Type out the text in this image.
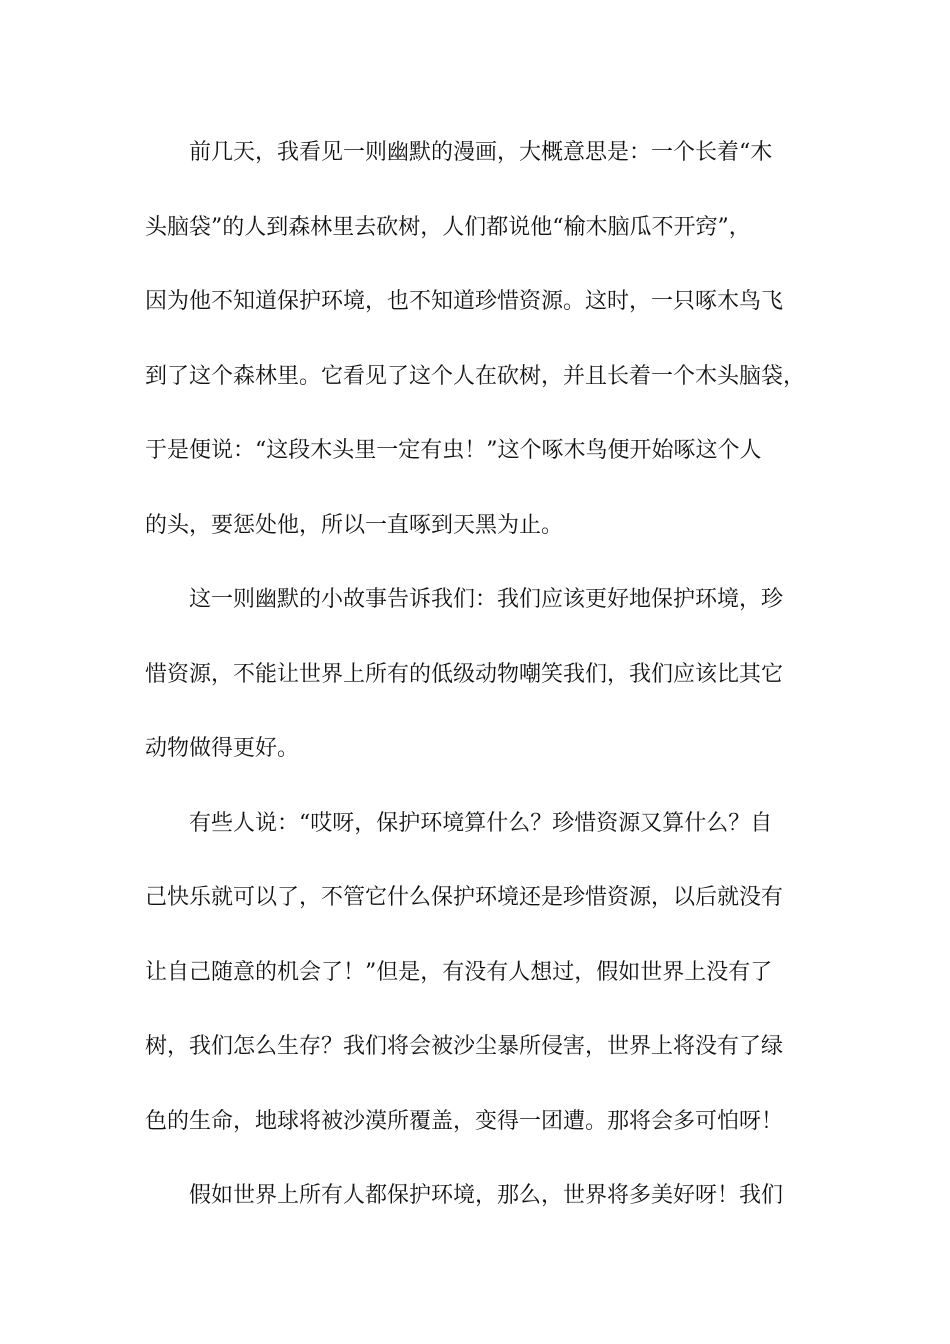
前几天，我看见一则幽默的漫画，大概意思是：一个长着“木
头脑袋”的人到森林里去砍树，人们都说他“榆木脑瓜不开窍”，
因为他不知道保护环境，也不知道珍惜资源。这时，一只啄木鸟飞
到了这个森林里。它看见了这个人在砍树，并且长着一个木头脑袋，
于是便说：“这段木头里一定有虫！”这个啄木鸟便开始啄这个人
的头，要惩处他，所以一直啄到天黑为止。
这一则幽默的小故事告诉我们：我们应该更好地保护环境，珍
惜资源，不能让世界上所有的低级动物嘲笑我们，我们应该比其它
动物做得更好。
有些人说：“哎呀，保护环境算什么？珍惜资源又算什么？自
己快乐就可以了，不管它什么保护环境还是珍惜资源，以后就没有
让自己随意的机会了！”但是，有没有人想过，假如世界上没有了
树，我们怎么生存？我们将会被沙尘暴所侵害，世界上将没有了绿
色的生命，地球将被沙漠所覆盖，变得一团遭。那将会多可怕呀！
假如世界上所有人都保护环境，那么，世界将多美好呀！我们
